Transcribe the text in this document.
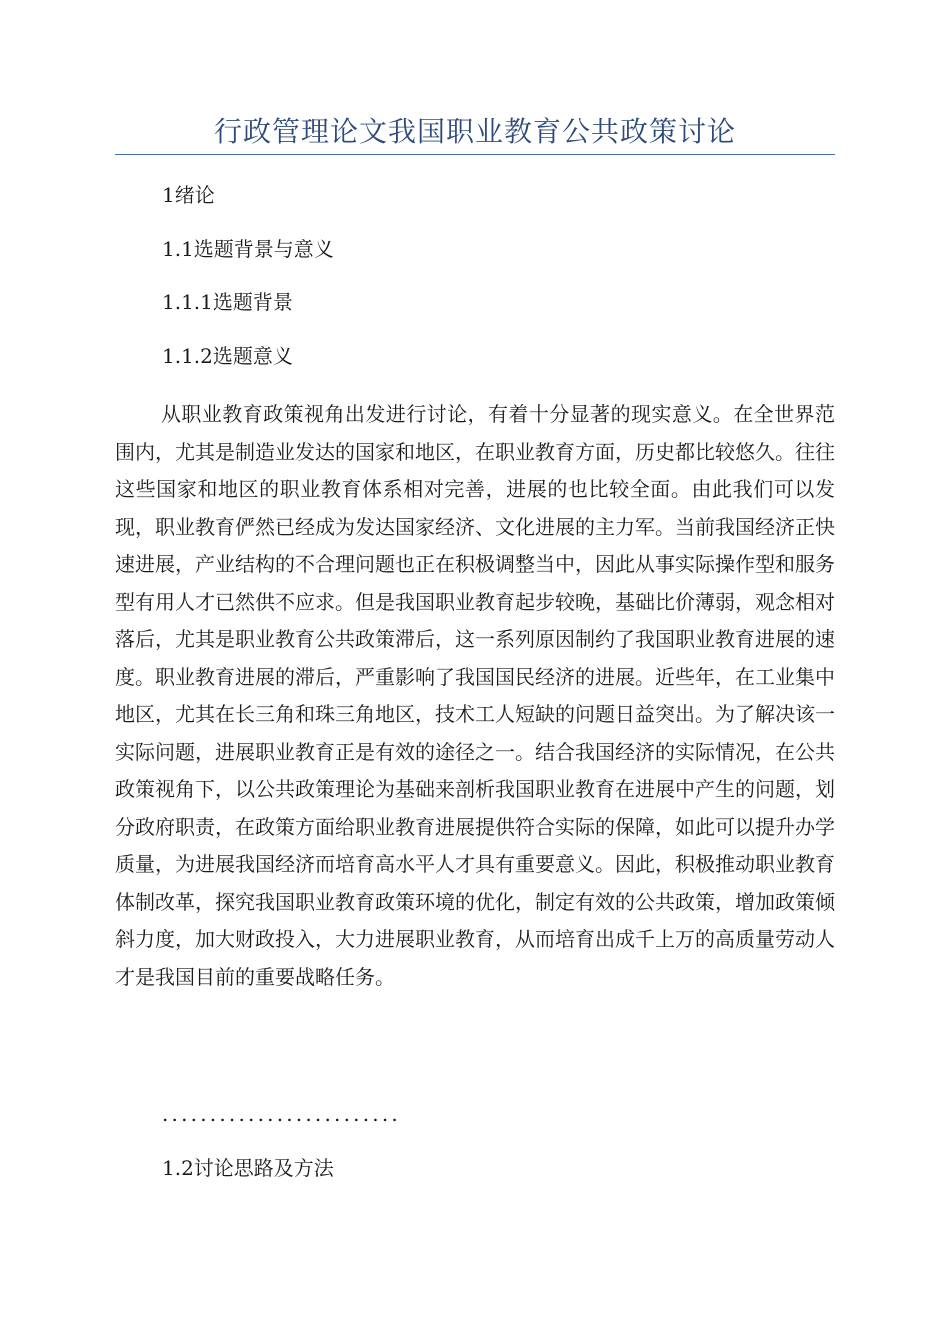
行政管理论文我国职业教育公共政策讨论
1绪论
1.1选题背景与意义
1.1.1选题背景
1.1.2选题意义

从职业教育政策视角出发进行讨论，有着十分显著的现实意义。在全世界范围内，尤其是制造业发达的国家和地区，在职业教育方面，历史都比较悠久。往往这些国家和地区的职业教育体系相对完善，进展的也比较全面。由此我们可以发现，职业教育俨然已经成为发达国家经济、文化进展的主力军。当前我国经济正快速进展，产业结构的不合理问题也正在积极调整当中，因此从事实际操作型和服务型有用人才已然供不应求。但是我国职业教育起步较晚，基础比价薄弱，观念相对落后，尤其是职业教育公共政策滞后，这一系列原因制约了我国职业教育进展的速度。职业教育进展的滞后，严重影响了我国国民经济的进展。近些年，在工业集中地区，尤其在长三角和珠三角地区，技术工人短缺的问题日益突出。为了解决该一实际问题，进展职业教育正是有效的途径之一。结合我国经济的实际情况，在公共政策视角下，以公共政策理论为基础来剖析我国职业教育在进展中产生的问题，划分政府职责，在政策方面给职业教育进展提供符合实际的保障，如此可以提升办学质量，为进展我国经济而培育高水平人才具有重要意义。因此，积极推动职业教育体制改革，探究我国职业教育政策环境的优化，制定有效的公共政策，增加政策倾斜力度，加大财政投入，大力进展职业教育，从而培育出成千上万的高质量劳动人才是我国目前的重要战略任务。

.........................

1.2讨论思路及方法
